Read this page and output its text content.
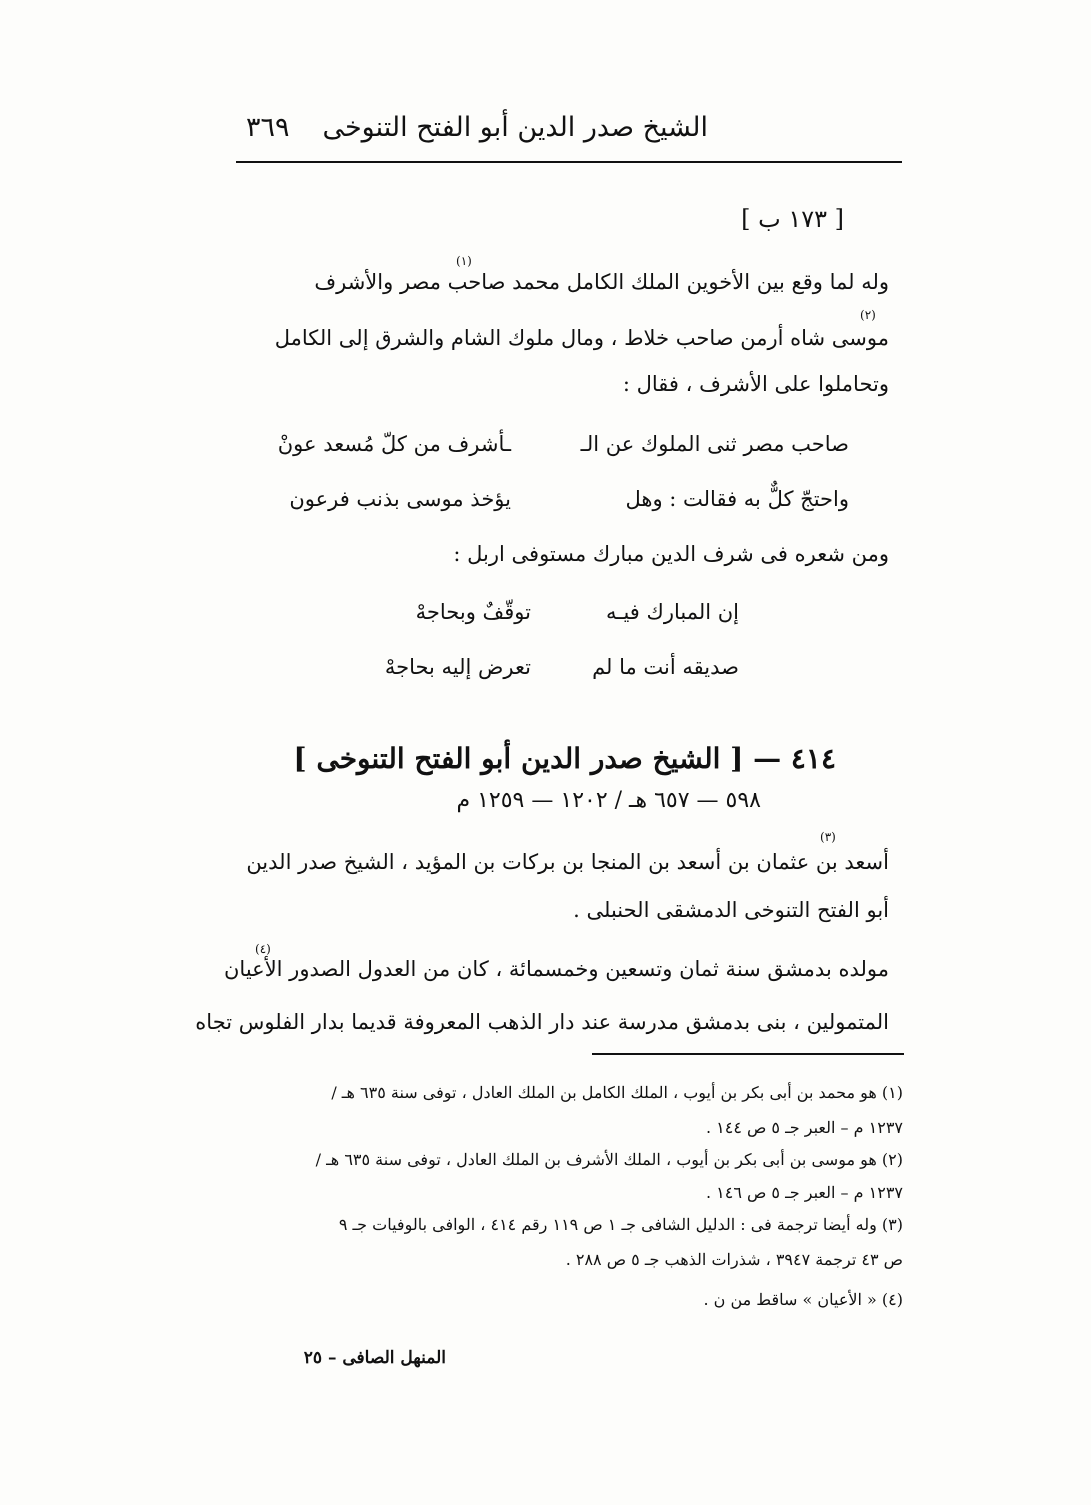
الشيخ صدر الدين أبو الفتح التنوخى
٣٦٩
[ ١٧٣ ب ]
وله لما وقع بين الأخوين الملك الكامل محمد صاحب مصر والأشرف
(١)
موسى شاه أرمن صاحب خلاط ، ومال ملوك الشام والشرق إلى الكامل
(٢)
وتحاملوا على الأشرف ، فقال :
صاحب مصر ثنى الملوك عن الـ
ـأشرف من كلّ مُسعد عونْ
واحتجّ كلٌّ به فقالت : وهل
يؤخذ موسى بذنب فرعون
ومن شعره فى شرف الدين مبارك مستوفى اربل :
إن المبارك فيـه
توقّفٌ وبحاجهْ
صديقه أنت ما لم
تعرض إليه بحاجهْ
٤١٤ — [ الشيخ صدر الدين أبو الفتح التنوخى ]
٥٩٨ — ٦٥٧ هـ / ١٢٠٢ — ١٢٥٩ م
أسعد بن عثمان بن أسعد بن المنجا بن بركات بن المؤيد ، الشيخ صدر الدين
(٣)
أبو الفتح التنوخى الدمشقى الحنبلى .
مولده بدمشق سنة ثمان وتسعين وخمسمائة ، كان من العدول الصدور الأعيان
(٤)
المتمولين ، بنى بدمشق مدرسة عند دار الذهب المعروفة قديما بدار الفلوس تجاه
(١) هو محمد بن أبى بكر بن أيوب ، الملك الكامل بن الملك العادل ، توفى سنة ٦٣٥ هـ /
١٢٣٧ م – العبر جـ ٥ ص ١٤٤ .
(٢) هو موسى بن أبى بكر بن أيوب ، الملك الأشرف بن الملك العادل ، توفى سنة ٦٣٥ هـ /
١٢٣٧ م – العبر جـ ٥ ص ١٤٦ .
(٣) وله أيضا ترجمة فى : الدليل الشافى جـ ١ ص ١١٩ رقم ٤١٤ ، الوافى بالوفيات جـ ٩
ص ٤٣ ترجمة ٣٩٤٧ ، شذرات الذهب جـ ٥ ص ٢٨٨ .
(٤) « الأعيان » ساقط من ن .
المنهل الصافى – ٢٥
